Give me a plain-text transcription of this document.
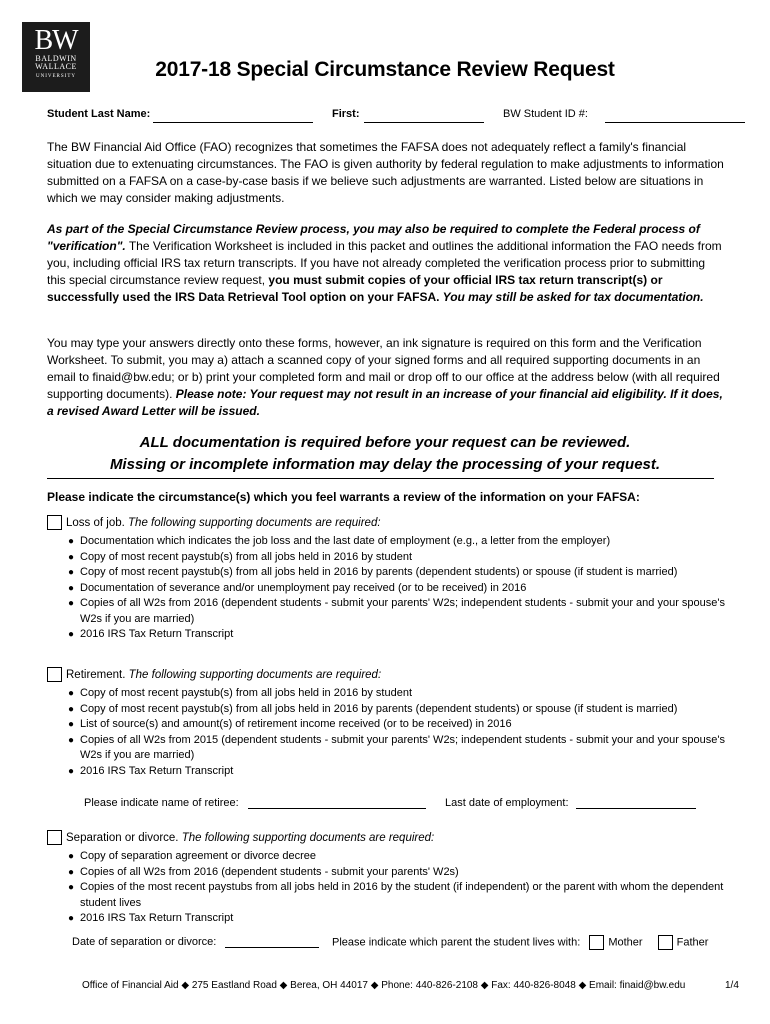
BW
BALDWIN
WALLACE
UNIVERSITY	2017-18 Special Circumstance Review Request
Student Last Name:	First:	BW Student ID #:

The BW Financial Aid Office (FAO) recognizes that sometimes the FAFSA does not adequately reflect a family's financial situation due to extenuating circumstances. The FAO is given authority by federal regulation to make adjustments to information submitted on a FAFSA on a case-by-case basis if we believe such adjustments are warranted. Listed below are situations in which we may consider making adjustments.

As part of the Special Circumstance Review process, you may also be required to complete the Federal process of "verification". The Verification Worksheet is included in this packet and outlines the additional information the FAO needs from you, including official IRS tax return transcripts. If you have not already completed the verification process prior to submitting this special circumstance review request, you must submit copies of your official IRS tax return transcript(s) or successfully used the IRS Data Retrieval Tool option on your FAFSA. You may still be asked for tax documentation.

You may type your answers directly onto these forms, however, an ink signature is required on this form and the Verification Worksheet. To submit, you may a) attach a scanned copy of your signed forms and all required supporting documents in an email to finaid@bw.edu; or b) print your completed form and mail or drop off to our office at the address below (with all required supporting documents). Please note: Your request may not result in an increase of your financial aid eligibility. If it does, a revised Award Letter will be issued.

ALL documentation is required before your request can be reviewed.
Missing or incomplete information may delay the processing of your request.
Please indicate the circumstance(s) which you feel warrants a review of the information on your FAFSA:
Loss of job. The following supporting documents are required:
● Documentation which indicates the job loss and the last date of employment (e.g., a letter from the employer)
● Copy of most recent paystub(s) from all jobs held in 2016 by student
● Copy of most recent paystub(s) from all jobs held in 2016 by parents (dependent students) or spouse (if student is married)
● Documentation of severance and/or unemployment pay received (or to be received) in 2016
● Copies of all W2s from 2016 (dependent students - submit your parents' W2s; independent students - submit your and your spouse's W2s if you are married)
● 2016 IRS Tax Return Transcript
Retirement. The following supporting documents are required:
● Copy of most recent paystub(s) from all jobs held in 2016 by student
● Copy of most recent paystub(s) from all jobs held in 2016 by parents (dependent students) or spouse (if student is married)
● List of source(s) and amount(s) of retirement income received (or to be received) in 2016
● Copies of all W2s from 2015 (dependent students - submit your parents' W2s; independent students - submit your and your spouse's W2s if you are married)
● 2016 IRS Tax Return Transcript
Please indicate name of retiree:	Last date of employment:
Separation or divorce. The following supporting documents are required:
● Copy of separation agreement or divorce decree
● Copies of all W2s from 2016 (dependent students - submit your parents' W2s)
● Copies of the most recent paystubs from all jobs held in 2016 by the student (if independent) or the parent with whom the dependent student lives
● 2016 IRS Tax Return Transcript
Date of separation or divorce:	Please indicate which parent the student lives with:	Mother	Father
Office of Financial Aid ◆ 275 Eastland Road ◆ Berea, OH 44017 ◆ Phone: 440-826-2108 ◆ Fax: 440-826-8048 ◆ Email: finaid@bw.edu	1/4
